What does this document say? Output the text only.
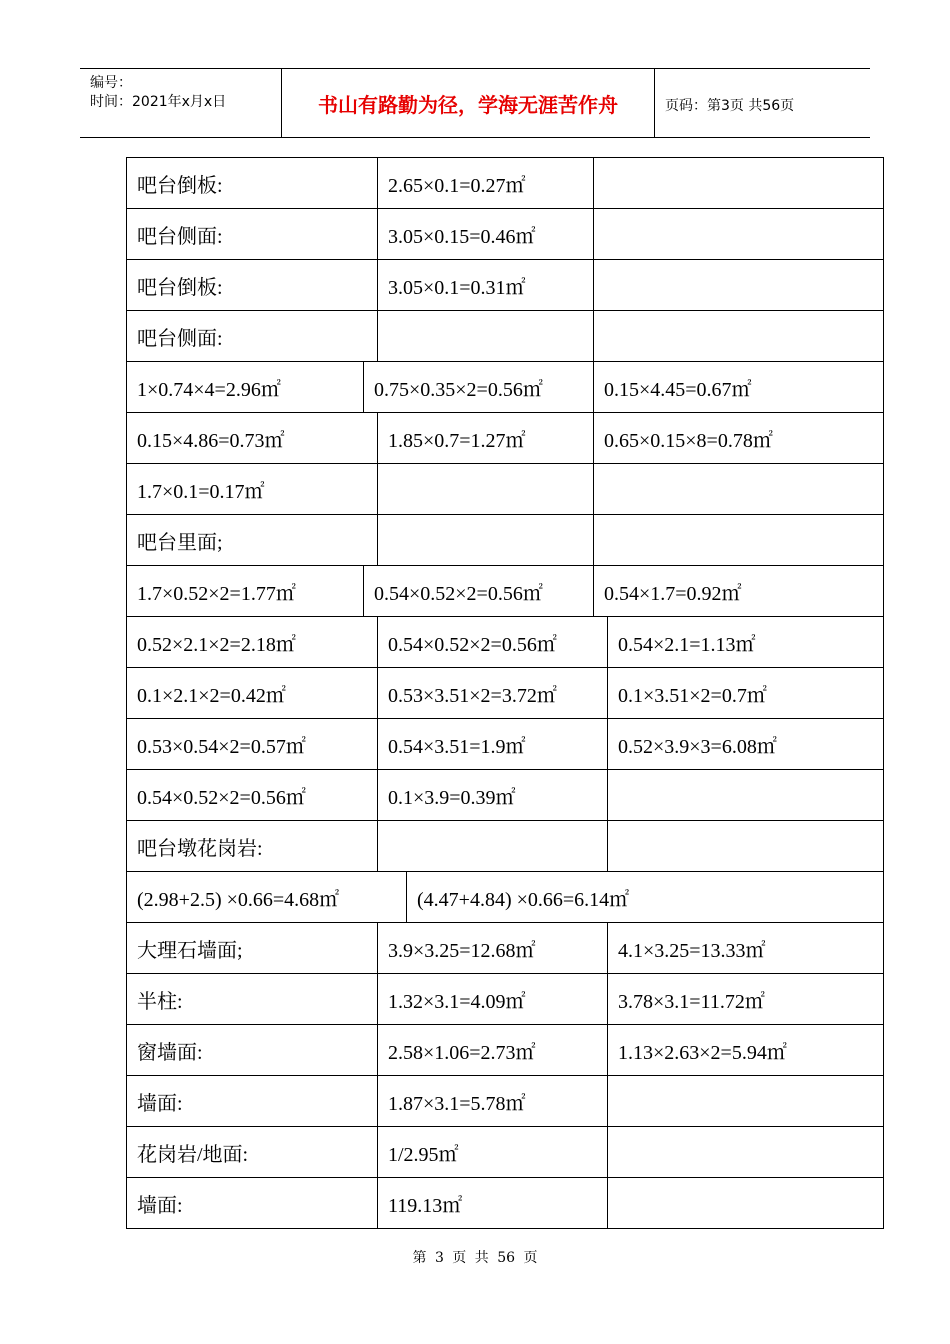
编号：
时间：2021年x月x日	书山有路勤为径，学海无涯苦作舟	页码：第3页 共56页
吧台倒板:	2.65×0.1=0.27㎡
吧台侧面:	3.05×0.15=0.46㎡
吧台倒板:	3.05×0.1=0.31㎡
吧台侧面:
1×0.74×4=2.96㎡	0.75×0.35×2=0.56㎡	0.15×4.45=0.67㎡
0.15×4.86=0.73㎡	1.85×0.7=1.27㎡	0.65×0.15×8=0.78㎡
1.7×0.1=0.17㎡
吧台里面;
1.7×0.52×2=1.77㎡	0.54×0.52×2=0.56㎡	0.54×1.7=0.92㎡
0.52×2.1×2=2.18㎡	0.54×0.52×2=0.56㎡	0.54×2.1=1.13㎡
0.1×2.1×2=0.42㎡	0.53×3.51×2=3.72㎡	0.1×3.51×2=0.7㎡
0.53×0.54×2=0.57㎡	0.54×3.51=1.9㎡	0.52×3.9×3=6.08㎡
0.54×0.52×2=0.56㎡	0.1×3.9=0.39㎡
吧台墩花岗岩:
(2.98+2.5) ×0.66=4.68㎡	(4.47+4.84) ×0.66=6.14㎡
大理石墙面;	3.9×3.25=12.68㎡	4.1×3.25=13.33㎡
半柱:	1.32×3.1=4.09㎡	3.78×3.1=11.72㎡
窗墙面:	2.58×1.06=2.73㎡	1.13×2.63×2=5.94㎡
墙面:	1.87×3.1=5.78㎡
花岗岩/地面:	1/2.95㎡
墙面:	119.13㎡
第 3 页 共 56 页
